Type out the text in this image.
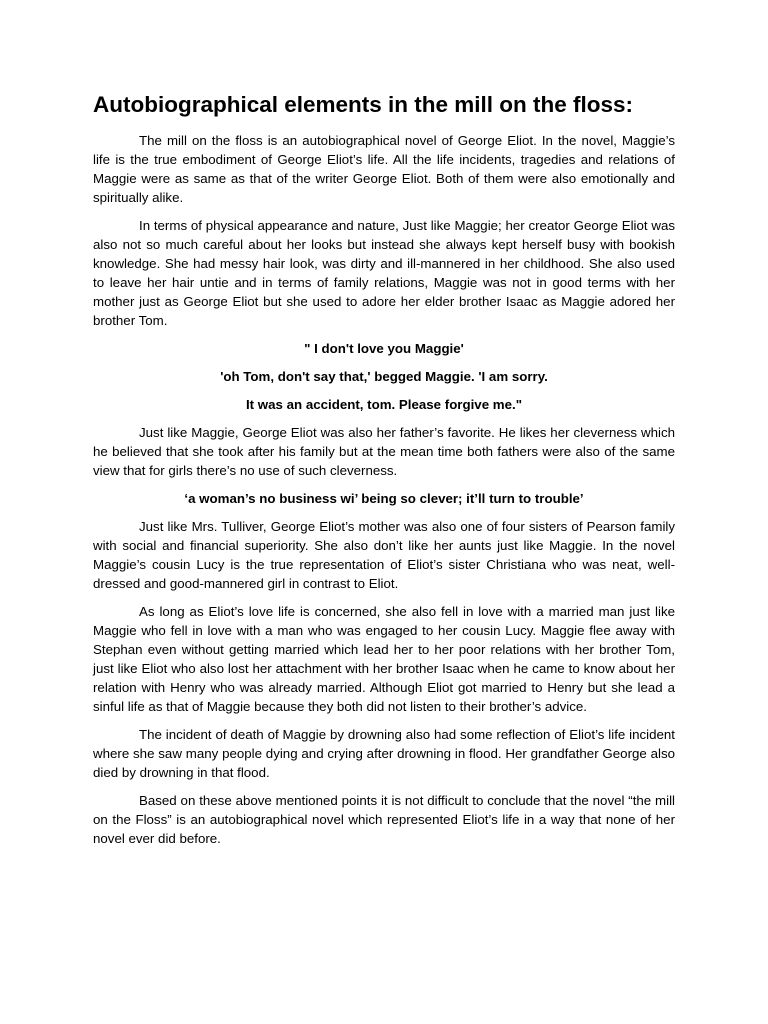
Autobiographical elements in the mill on the floss:

The mill on the floss is an autobiographical novel of George Eliot. In the novel, Maggie’s life is the true embodiment of George Eliot’s life. All the life incidents, tragedies and relations of Maggie were as same as that of the writer George Eliot. Both of them were also emotionally and spiritually alike.

In terms of physical appearance and nature, Just like Maggie; her creator George Eliot was also not so much careful about her looks but instead she always kept herself busy with bookish knowledge. She had messy hair look, was dirty and ill-mannered in her childhood. She also used to leave her hair untie and in terms of family relations, Maggie was not in good terms with her mother just as George Eliot but she used to adore her elder brother Isaac as Maggie adored her brother Tom.

" I don't love you Maggie'

'oh Tom, don't say that,' begged Maggie. 'I am sorry.

It was an accident, tom. Please forgive me."

Just like Maggie, George Eliot was also her father’s favorite. He likes her cleverness which he believed that she took after his family but at the mean time both fathers were also of the same view that for girls there’s no use of such cleverness.

‘a woman’s no business wi’ being so clever; it’ll turn to trouble’

Just like Mrs. Tulliver, George Eliot’s mother was also one of four sisters of Pearson family with social and financial superiority. She also don’t like her aunts just like Maggie. In the novel Maggie’s cousin Lucy is the true representation of Eliot’s sister Christiana who was neat, well-dressed and good-mannered girl in contrast to Eliot.

As long as Eliot’s love life is concerned, she also fell in love with a married man just like Maggie who fell in love with a man who was engaged to her cousin Lucy. Maggie flee away with Stephan even without getting married which lead her to her poor relations with her brother Tom, just like Eliot who also lost her attachment with her brother Isaac when he came to know about her relation with Henry who was already married. Although Eliot got married to Henry but she lead a sinful life as that of Maggie because they both did not listen to their brother’s advice.

The incident of death of Maggie by drowning also had some reflection of Eliot’s life incident where she saw many people dying and crying after drowning in flood. Her grandfather George also died by drowning in that flood.

Based on these above mentioned points it is not difficult to conclude that the novel “the mill on the Floss” is an autobiographical novel which represented Eliot’s life in a way that none of her novel ever did before.
